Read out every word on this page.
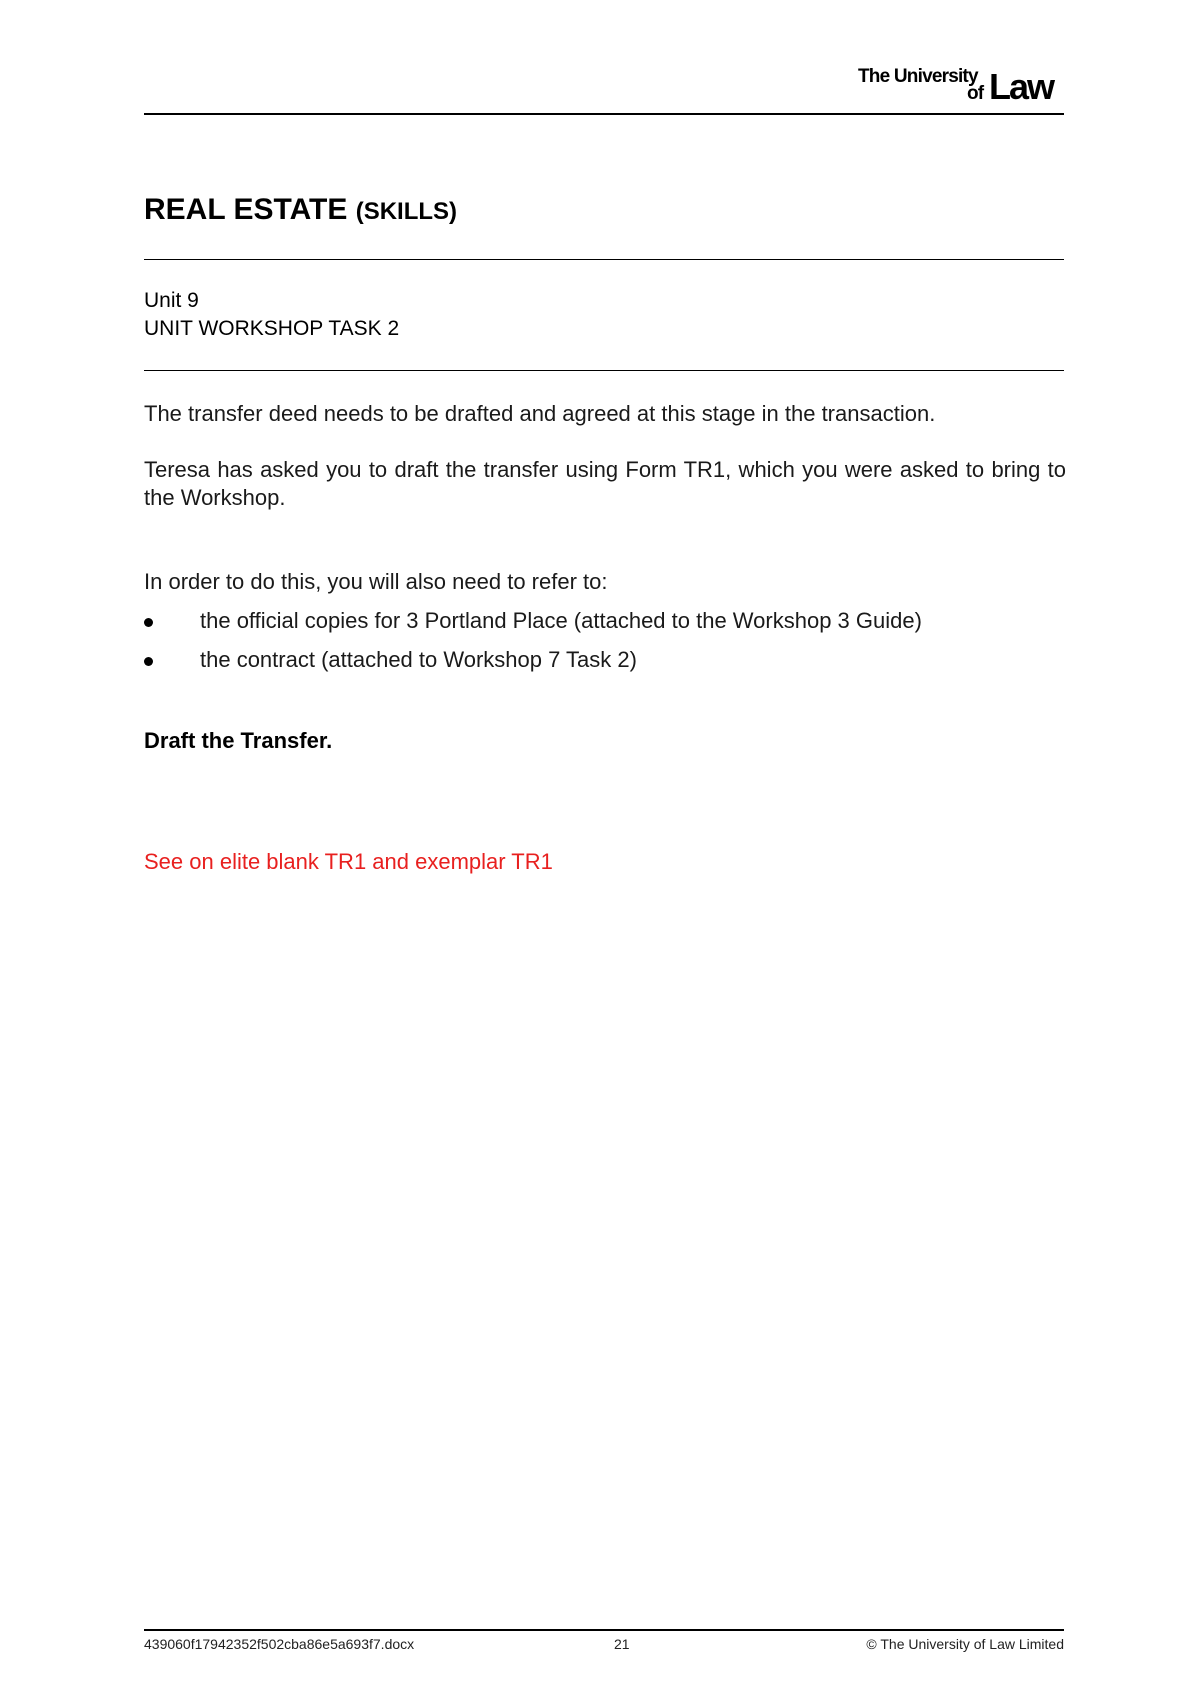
The University
of Law
REAL ESTATE (SKILLS)
Unit 9
UNIT WORKSHOP TASK 2
The transfer deed needs to be drafted and agreed at this stage in the transaction.
Teresa has asked you to draft the transfer using Form TR1, which you were asked to bring to the Workshop.
In order to do this, you will also need to refer to:
the official copies for 3 Portland Place (attached to the Workshop 3 Guide)
the contract (attached to Workshop 7 Task 2)
Draft the Transfer.
See on elite blank TR1 and exemplar TR1
439060f17942352f502cba86e5a693f7.docx	21	© The University of Law Limited
